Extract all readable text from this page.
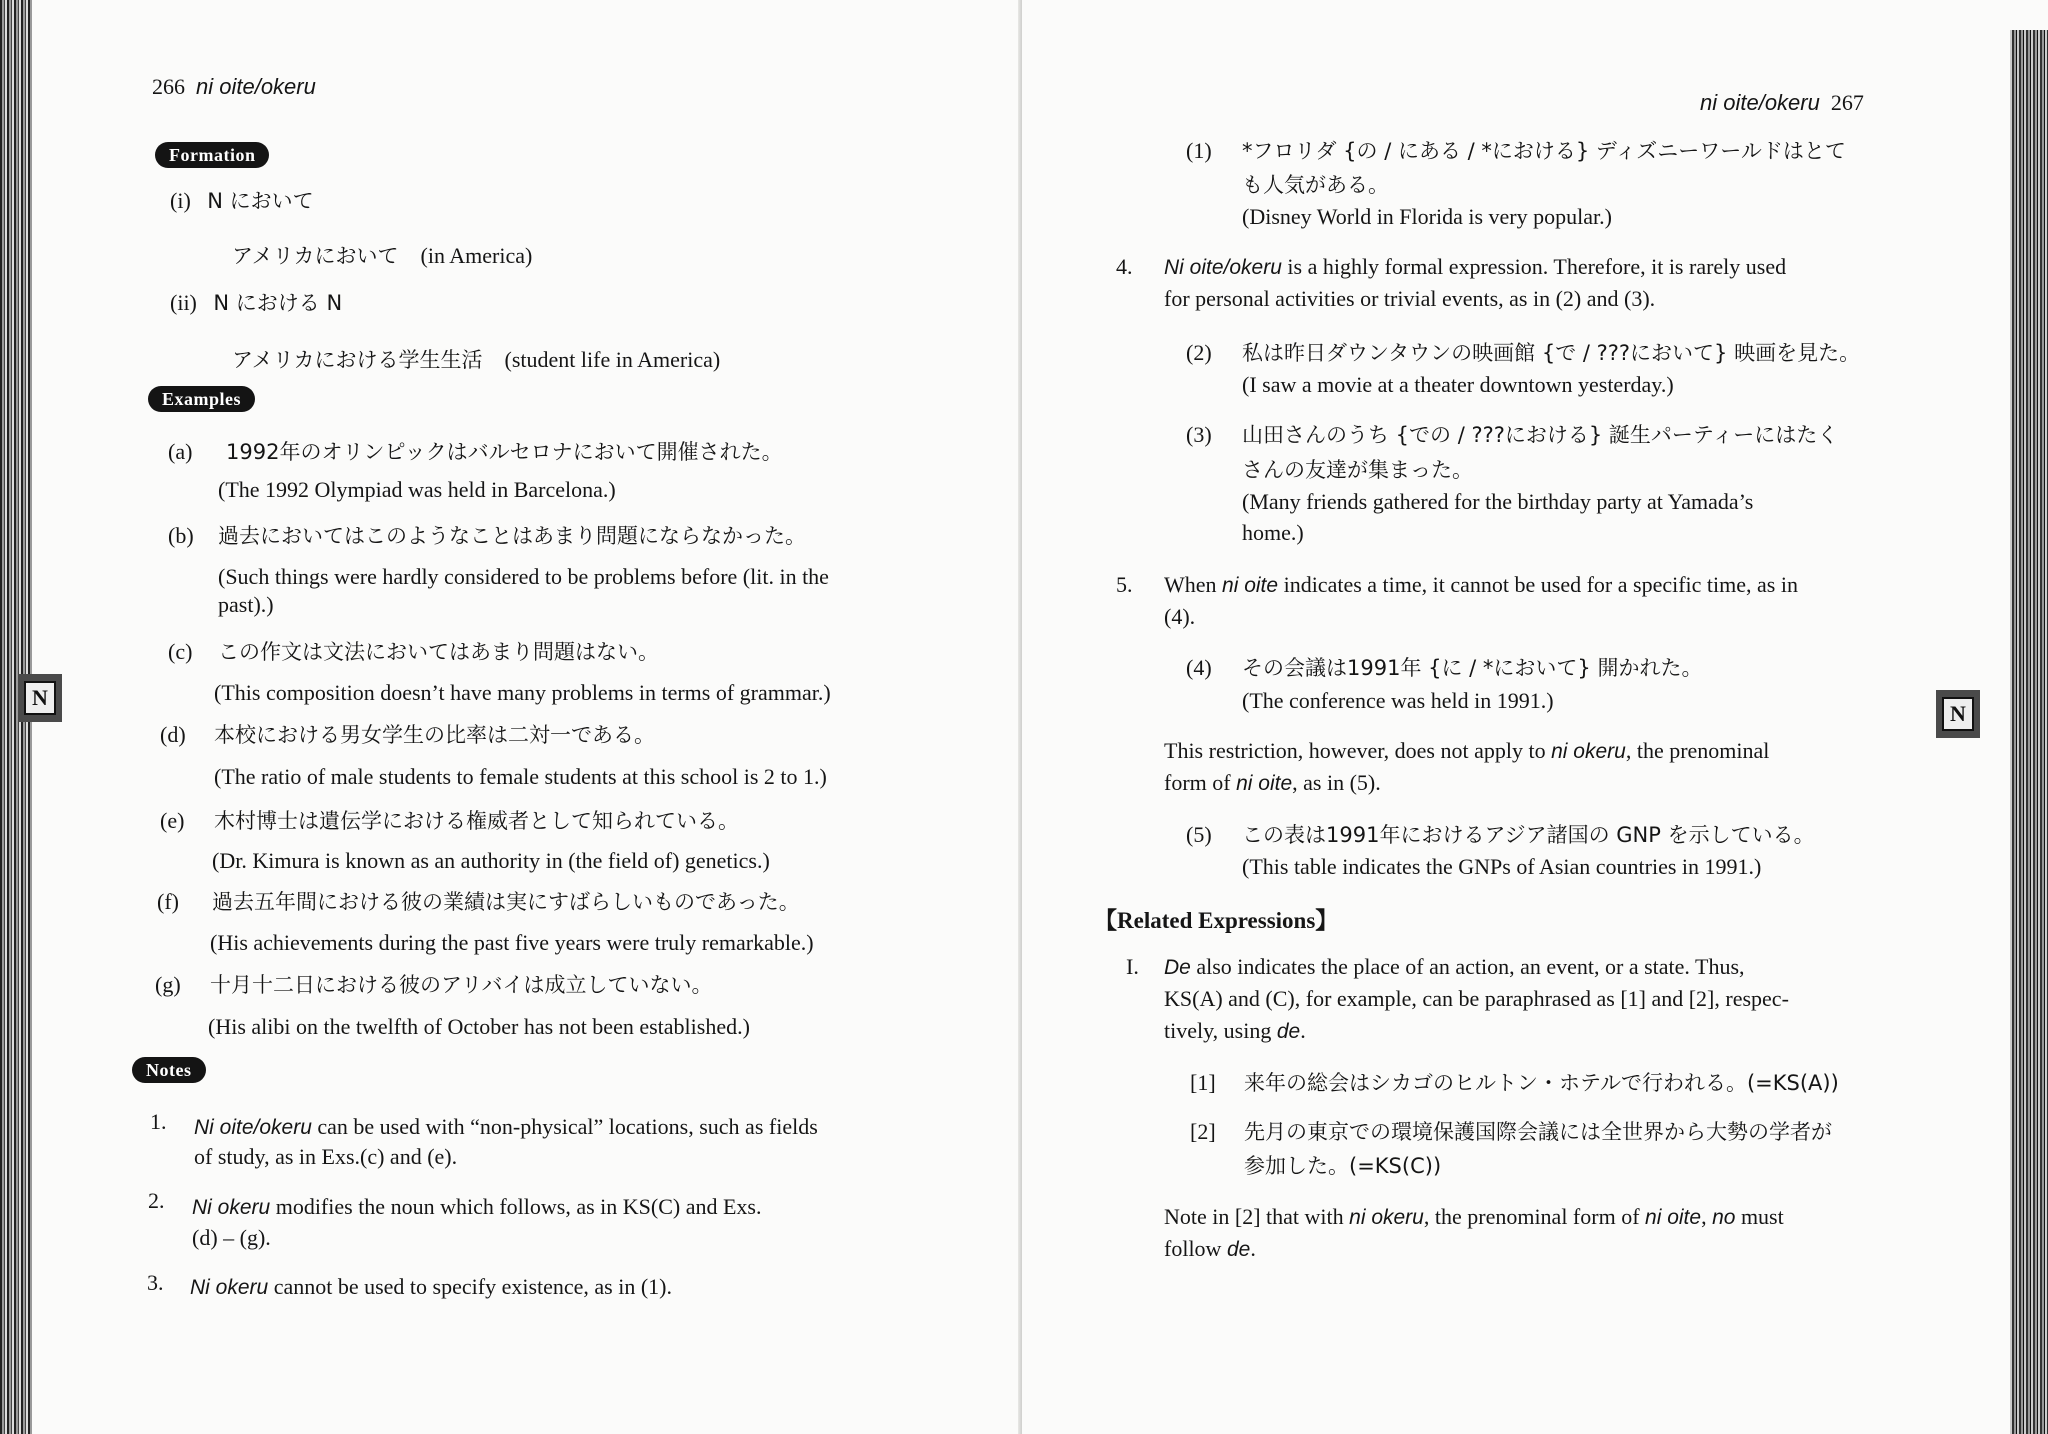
266 ni oite/okeru
Formation
(i) N において
アメリカにおいて (in America)
(ii) N における N
アメリカにおける学生生活 (student life in America)
Examples
(a) 1992年のオリンピックはバルセロナにおいて開催された。
(The 1992 Olympiad was held in Barcelona.)
(b) 過去においてはこのようなことはあまり問題にならなかった。
(Such things were hardly considered to be problems before (lit. in the
past).)
(c) この作文は文法においてはあまり問題はない。
(This composition doesn’t have many problems in terms of grammar.)
(d) 本校における男女学生の比率は二対一である。
(The ratio of male students to female students at this school is 2 to 1.)
(e) 木村博士は遺伝学における権威者として知られている。
(Dr. Kimura is known as an authority in (the field of) genetics.)
(f) 過去五年間における彼の業績は実にすばらしいものであった。
(His achievements during the past five years were truly remarkable.)
(g) 十月十二日における彼のアリバイは成立していない。
(His alibi on the twelfth of October has not been established.)
Notes
1. Ni oite/okeru can be used with “non-physical” locations, such as fields
of study, as in Exs.(c) and (e).
2. Ni okeru modifies the noun which follows, as in KS(C) and Exs.
(d) – (g).
3. Ni okeru cannot be used to specify existence, as in (1).
N
ni oite/okeru 267
(1) *フロリダ {の / にある / *における} ディズニーワールドはとて
も人気がある。
(Disney World in Florida is very popular.)
4. Ni oite/okeru is a highly formal expression. Therefore, it is rarely used
for personal activities or trivial events, as in (2) and (3).
(2) 私は昨日ダウンタウンの映画館 {で / ???において} 映画を見た。
(I saw a movie at a theater downtown yesterday.)
(3) 山田さんのうち {での / ???における} 誕生パーティーにはたく
さんの友達が集まった。
(Many friends gathered for the birthday party at Yamada’s
home.)
5. When ni oite indicates a time, it cannot be used for a specific time, as in
(4).
(4) その会議は1991年 {に / *において} 開かれた。
(The conference was held in 1991.)
This restriction, however, does not apply to ni okeru, the prenominal
form of ni oite, as in (5).
(5) この表は1991年におけるアジア諸国の GNP を示している。
(This table indicates the GNPs of Asian countries in 1991.)
【Related Expressions】
I. De also indicates the place of an action, an event, or a state. Thus,
KS(A) and (C), for example, can be paraphrased as [1] and [2], respec-
tively, using de.
[1] 来年の総会はシカゴのヒルトン・ホテルで行われる。(=KS(A))
[2] 先月の東京での環境保護国際会議には全世界から大勢の学者が
参加した。(=KS(C))
Note in [2] that with ni okeru, the prenominal form of ni oite, no must
follow de.
N
